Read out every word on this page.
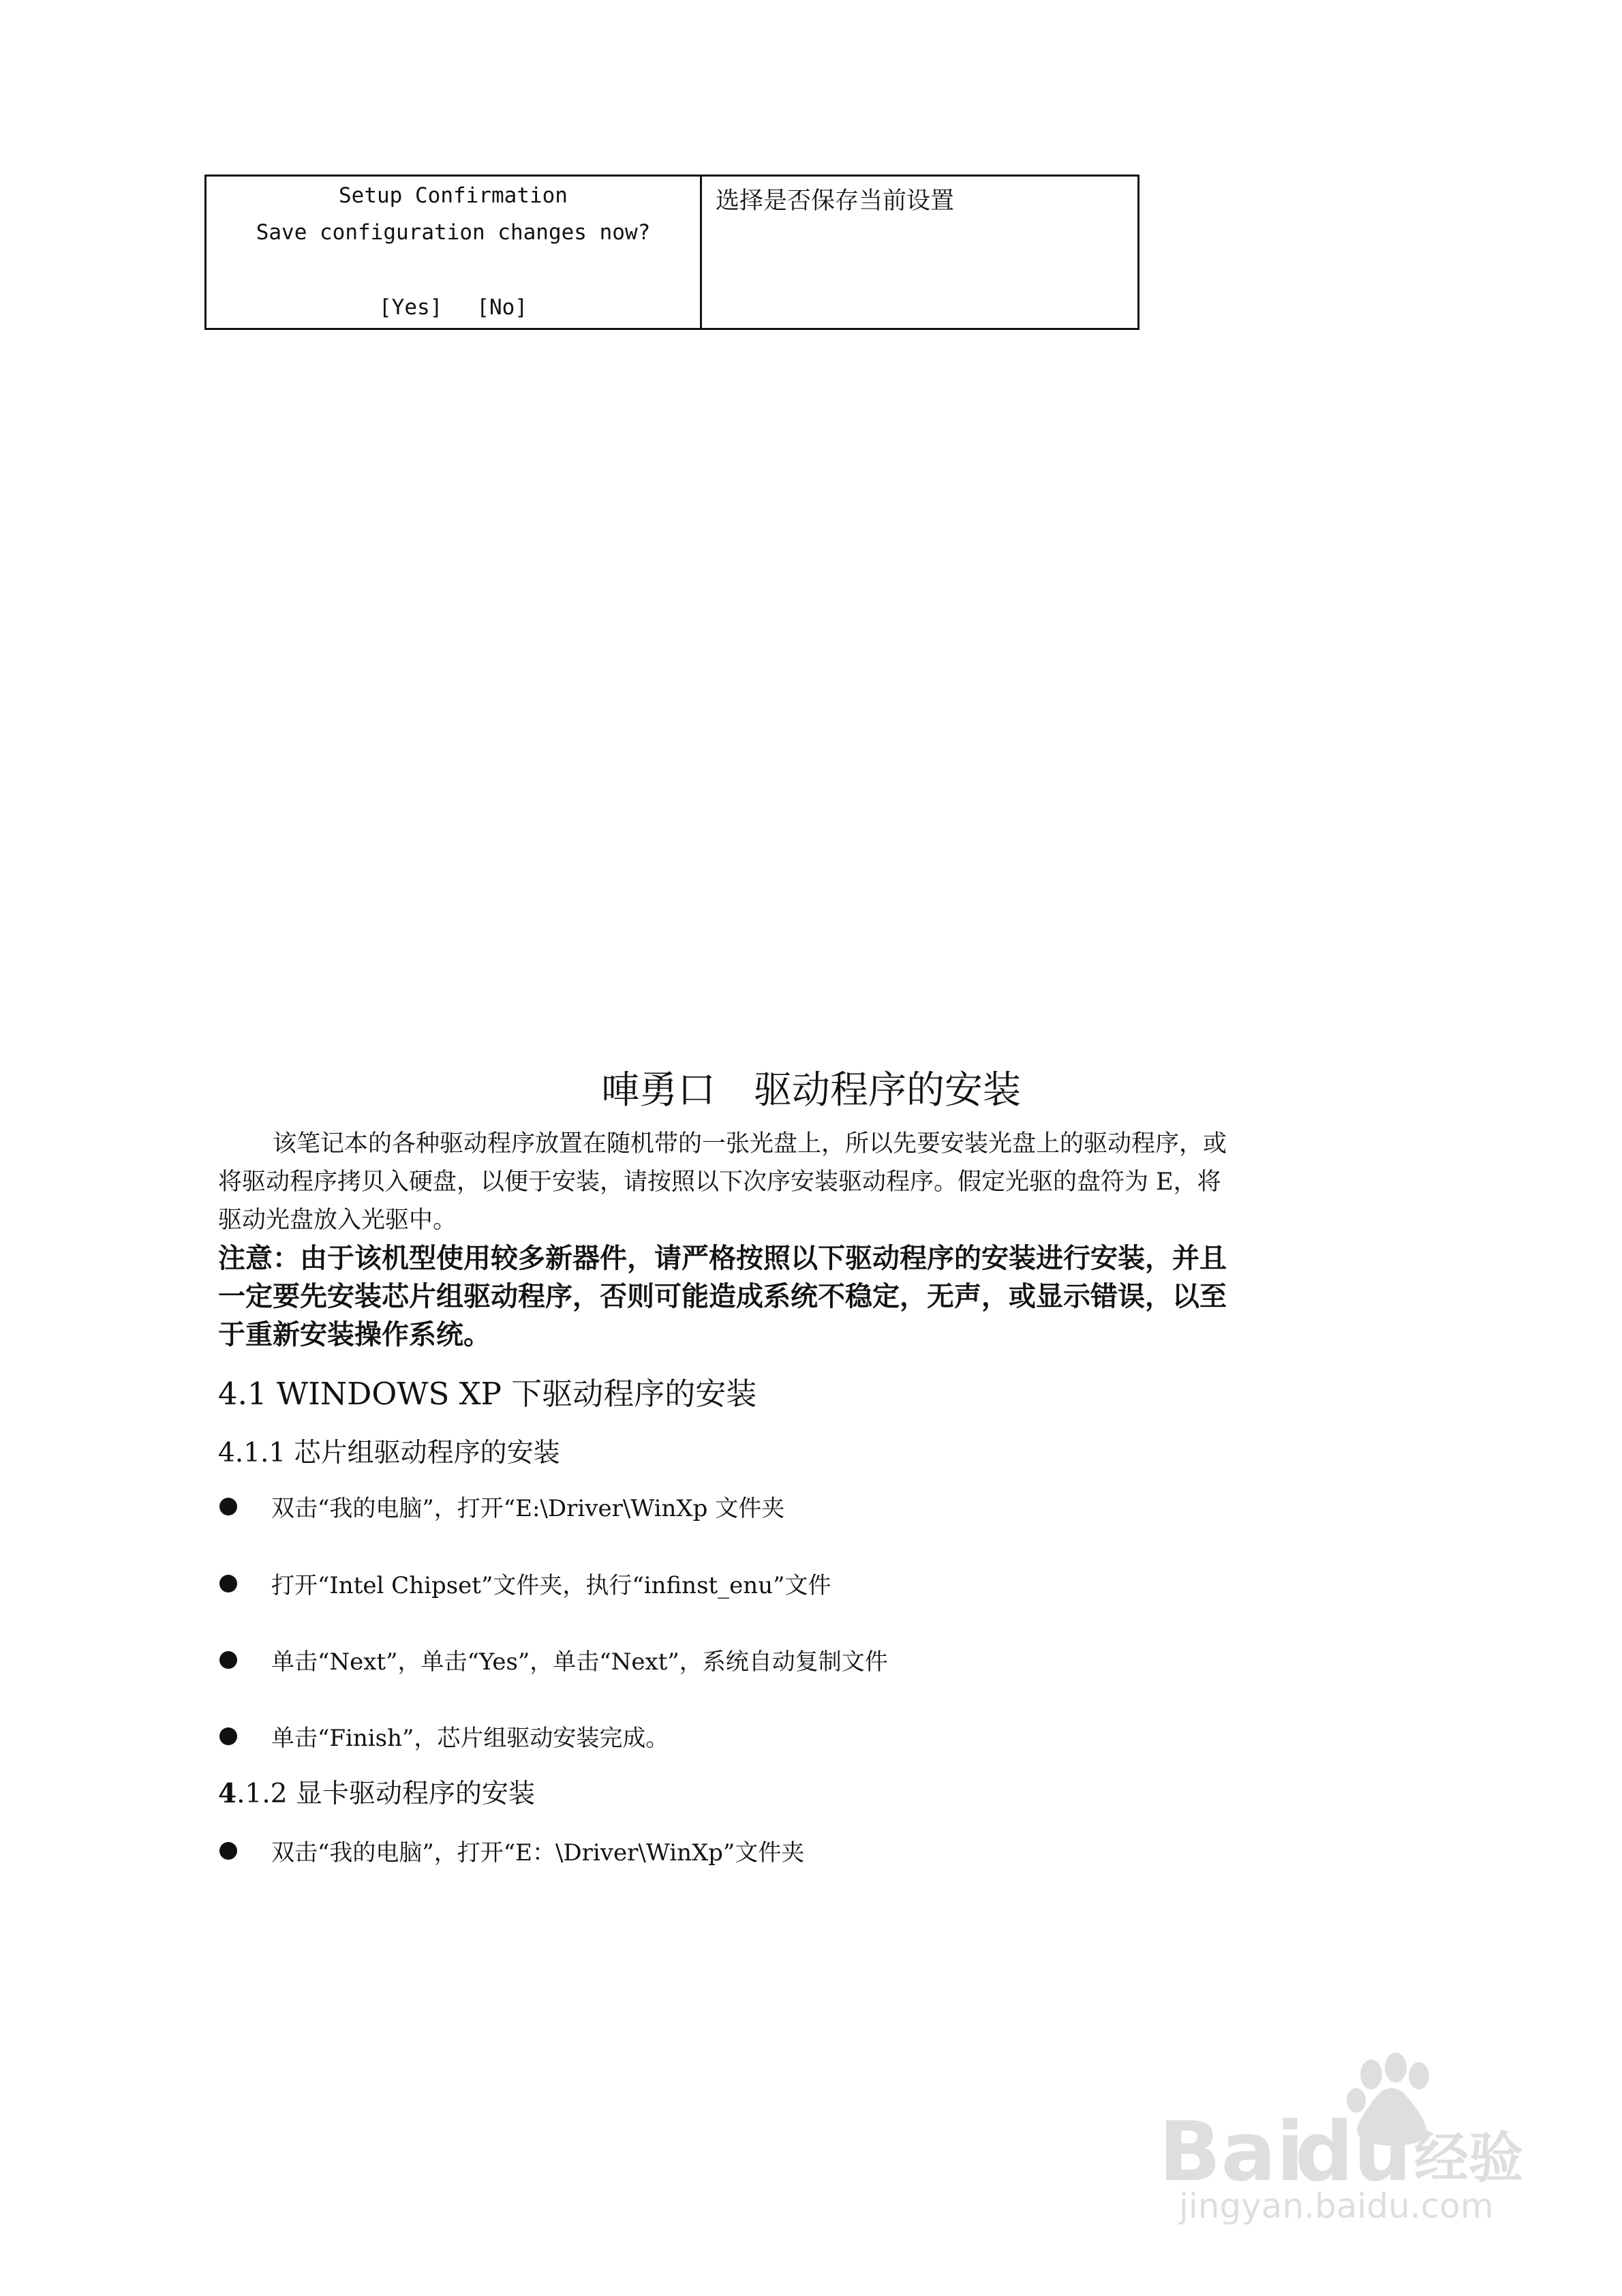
Setup Confirmation
Save configuration changes now?
[Yes] [No]
选择是否保存当前设置
唓勇口 驱动程序的安装

该笔记本的各种驱动程序放置在随机带的一张光盘上，所以先要安装光盘上的驱动程序，或将驱动程序拷贝入硬盘，以便于安装，请按照以下次序安装驱动程序。假定光驱的盘符为 E，将驱动光盘放入光驱中。

注意：由于该机型使用较多新器件，请严格按照以下驱动程序的安装进行安装，并且一定要先安装芯片组驱动程序，否则可能造成系统不稳定，无声，或显示错误，以至于重新安装操作系统。

4.1 WINDOWS XP 下驱动程序的安装
4.1.1 芯片组驱动程序的安装
双击“我的电脑”，打开“E:\Driver\WinXp 文件夹
打开“Intel Chipset”文件夹，执行“infinst_enu”文件
单击“Next”，单击“Yes”，单击“Next”，系统自动复制文件
单击“Finish”，芯片组驱动安装完成。
4.1.2 显卡驱动程序的安装
双击“我的电脑”，打开“E：\Driver\WinXp”文件夹
Bai
du 经验
jingyan.baidu.com
